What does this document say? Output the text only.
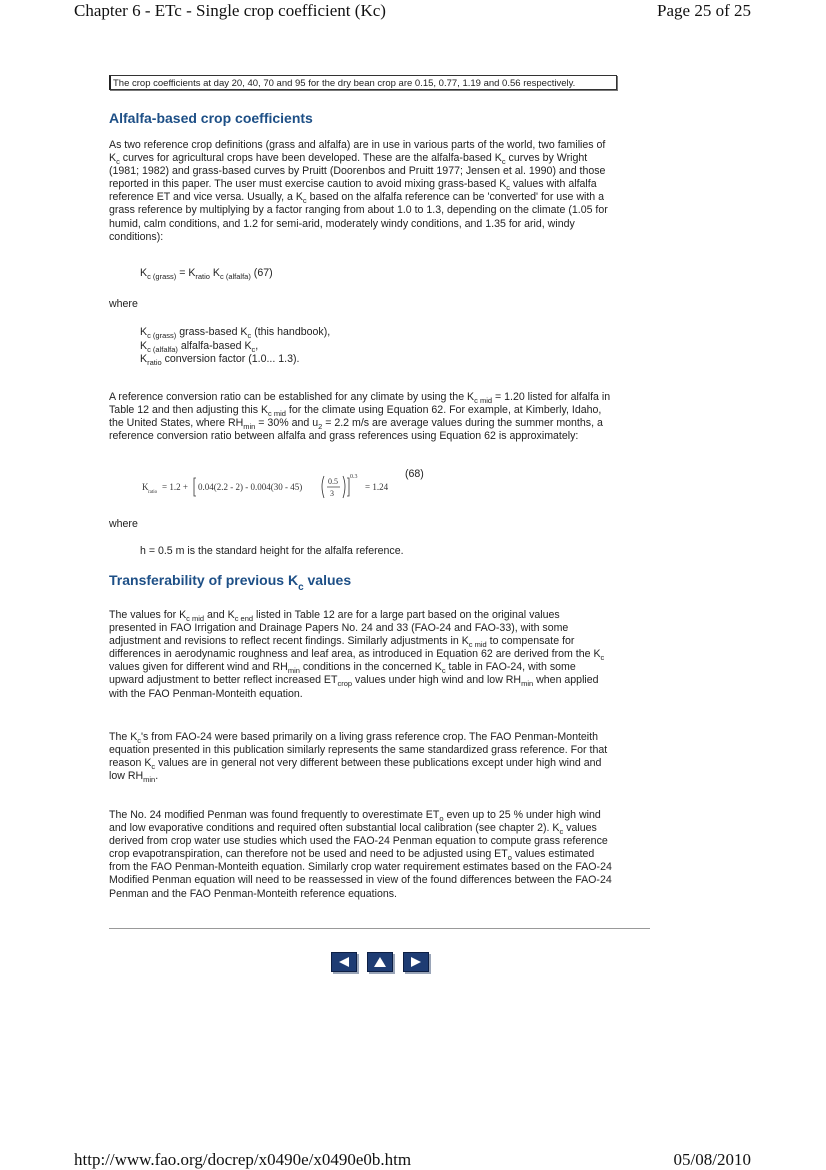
Chapter 6 - ETc - Single crop coefficient (Kc)	Page 25 of 25
The crop coefficients at day 20, 40, 70 and 95 for the dry bean crop are 0.15, 0.77, 1.19 and 0.56 respectively.
Alfalfa-based crop coefficients

As two reference crop definitions (grass and alfalfa) are in use in various parts of the world, two families of

$K_c$ curves for agricultural crops have been developed. These are the alfalfa-based $K_c$ curves by Wright

(1981; 1982) and grass-based curves by Pruitt (Doorenbos and Pruitt 1977; Jensen et al. 1990) and those

reported in this paper. The user must exercise caution to avoid mixing grass-based $K_c$ values with alfalfa

reference ET and vice versa. Usually, a $K_c$ based on the alfalfa reference can be 'converted' for use with a

grass reference by multiplying by a factor ranging from about 1.0 to 1.3, depending on the climate (1.05 for

humid, calm conditions, and 1.2 for semi-arid, moderately windy conditions, and 1.35 for arid, windy

conditions):

$K_{c (grass)} = K_{ratio}$ $K_{c (alfalfa)}$ (67)
where
$K_{c (grass)}$ grass-based $K_c$ (this handbook),
$K_{c (alfalfa)}$ alfalfa-based $K_c$,
$K_{ratio}$ conversion factor (1.0... 1.3).

A reference conversion ratio can be established for any climate by using the $K_{c mid} = 1.20$ listed for alfalfa in

Table 12 and then adjusting this $K_{c mid}$ for the climate using Equation 62. For example, at Kimberly, Idaho,

the United States, where $RH_{min} = 30\%$ and $u_2 = 2.2$ m/s are average values during the summer months, a

reference conversion ratio between alfalfa and grass references using Equation 62 is approximately:

K
ratio
= 1.2 + 0.04(2.2 - 2) - 0.004(30 - 45)
0.5
3
0.3
= 1.24
(68)
where
h = 0.5 m is the standard height for the alfalfa reference.
Transferability of previous $K_c$ values

The values for $K_{c mid}$ and $K_{c end}$ listed in Table 12 are for a large part based on the original values

presented in FAO Irrigation and Drainage Papers No. 24 and 33 (FAO-24 and FAO-33), with some

adjustment and revisions to reflect recent findings. Similarly adjustments in $K_{c mid}$ to compensate for

differences in aerodynamic roughness and leaf area, as introduced in Equation 62 are derived from the $K_c$

values given for different wind and $RH_{min}$ conditions in the concerned $K_c$ table in FAO-24, with some

upward adjustment to better reflect increased $ET_{crop}$ values under high wind and low $RH_{min}$ when applied

with the FAO Penman-Monteith equation.

The $K_c's$ from FAO-24 were based primarily on a living grass reference crop. The FAO Penman-Monteith

equation presented in this publication similarly represents the same standardized grass reference. For that

reason $K_c$ values are in general not very different between these publications except under high wind and

low $RH_{min}$.

The No. 24 modified Penman was found frequently to overestimate $ET_o$ even up to 25 % under high wind

and low evaporative conditions and required often substantial local calibration (see chapter 2). $K_c$ values

derived from crop water use studies which used the FAO-24 Penman equation to compute grass reference

crop evapotranspiration, can therefore not be used and need to be adjusted using $ET_o$ values estimated

from the FAO Penman-Monteith equation. Similarly crop water requirement estimates based on the FAO-24

Modified Penman equation will need to be reassessed in view of the found differences between the FAO-24

Penman and the FAO Penman-Monteith reference equations.

http://www.fao.org/docrep/x0490e/x0490e0b.htm	05/08/2010
